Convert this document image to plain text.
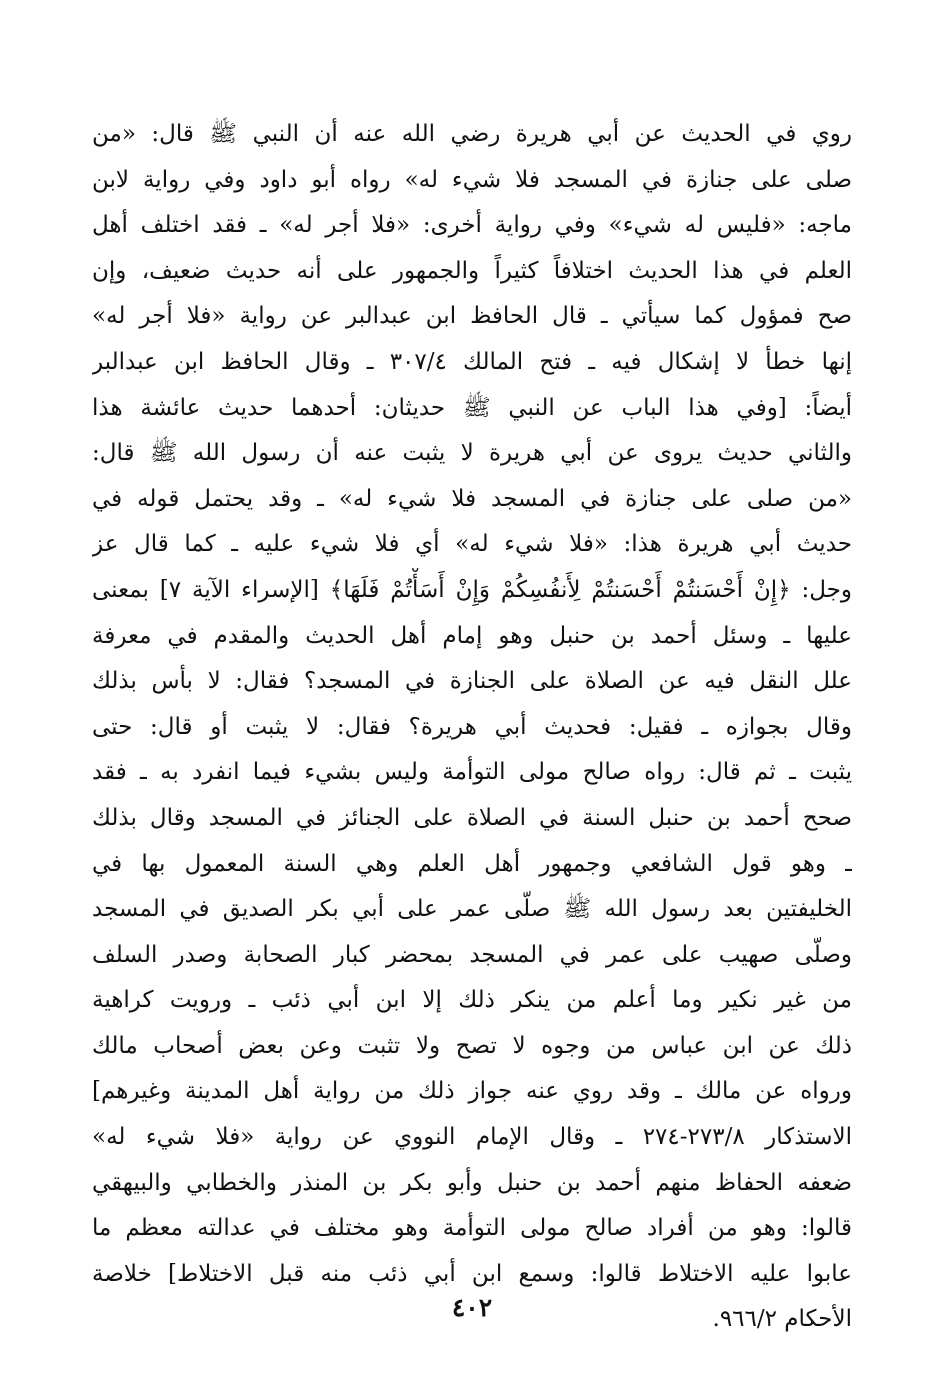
روي في الحديث عن أبي هريرة رضي الله عنه أن النبي ﷺ قال: «من
صلى على جنازة في المسجد فلا شيء له» رواه أبو داود وفي رواية لابن
ماجه: «فليس له شيء» وفي رواية أخرى: «فلا أجر له» ـ فقد اختلف أهل
العلم في هذا الحديث اختلافاً كثيراً والجمهور على أنه حديث ضعيف، وإن
صح فمؤول كما سيأتي ـ قال الحافظ ابن عبدالبر عن رواية «فلا أجر له»
إنها خطأ لا إشكال فيه ـ فتح المالك ٣٠٧/٤ ـ وقال الحافظ ابن عبدالبر
أيضاً: [وفي هذا الباب عن النبي ﷺ حديثان: أحدهما حديث عائشة هذا
والثاني حديث يروى عن أبي هريرة لا يثبت عنه أن رسول الله ﷺ قال:
«من صلى على جنازة في المسجد فلا شيء له» ـ وقد يحتمل قوله في
حديث أبي هريرة هذا: «فلا شيء له» أي فلا شيء عليه ـ كما قال عز
وجل: ﴿إِنْ أَحْسَنتُمْ أَحْسَنتُمْ لِأَنفُسِكُمْ وَإِنْ أَسَأْتُمْ فَلَهَا﴾ [الإسراء الآية ٧] بمعنى
عليها ـ وسئل أحمد بن حنبل وهو إمام أهل الحديث والمقدم في معرفة
علل النقل فيه عن الصلاة على الجنازة في المسجد؟ فقال: لا بأس بذلك
وقال بجوازه ـ فقيل: فحديث أبي هريرة؟ فقال: لا يثبت أو قال: حتى
يثبت ـ ثم قال: رواه صالح مولى التوأمة وليس بشيء فيما انفرد به ـ فقد
صحح أحمد بن حنبل السنة في الصلاة على الجنائز في المسجد وقال بذلك
ـ وهو قول الشافعي وجمهور أهل العلم وهي السنة المعمول بها في
الخليفتين بعد رسول الله ﷺ صلّى عمر على أبي بكر الصديق في المسجد
وصلّى صهيب على عمر في المسجد بمحضر كبار الصحابة وصدر السلف
من غير نكير وما أعلم من ينكر ذلك إلا ابن أبي ذئب ـ ورويت كراهية
ذلك عن ابن عباس من وجوه لا تصح ولا تثبت وعن بعض أصحاب مالك
ورواه عن مالك ـ وقد روي عنه جواز ذلك من رواية أهل المدينة وغيرهم]
الاستذكار ٢٧٣/٨-٢٧٤ ـ وقال الإمام النووي عن رواية «فلا شيء له»
ضعفه الحفاظ منهم أحمد بن حنبل وأبو بكر بن المنذر والخطابي والبيهقي
قالوا: وهو من أفراد صالح مولى التوأمة وهو مختلف في عدالته معظم ما
عابوا عليه الاختلاط قالوا: وسمع ابن أبي ذئب منه قبل الاختلاط] خلاصة
الأحكام ٩٦٦/٢.
٤٠٢
